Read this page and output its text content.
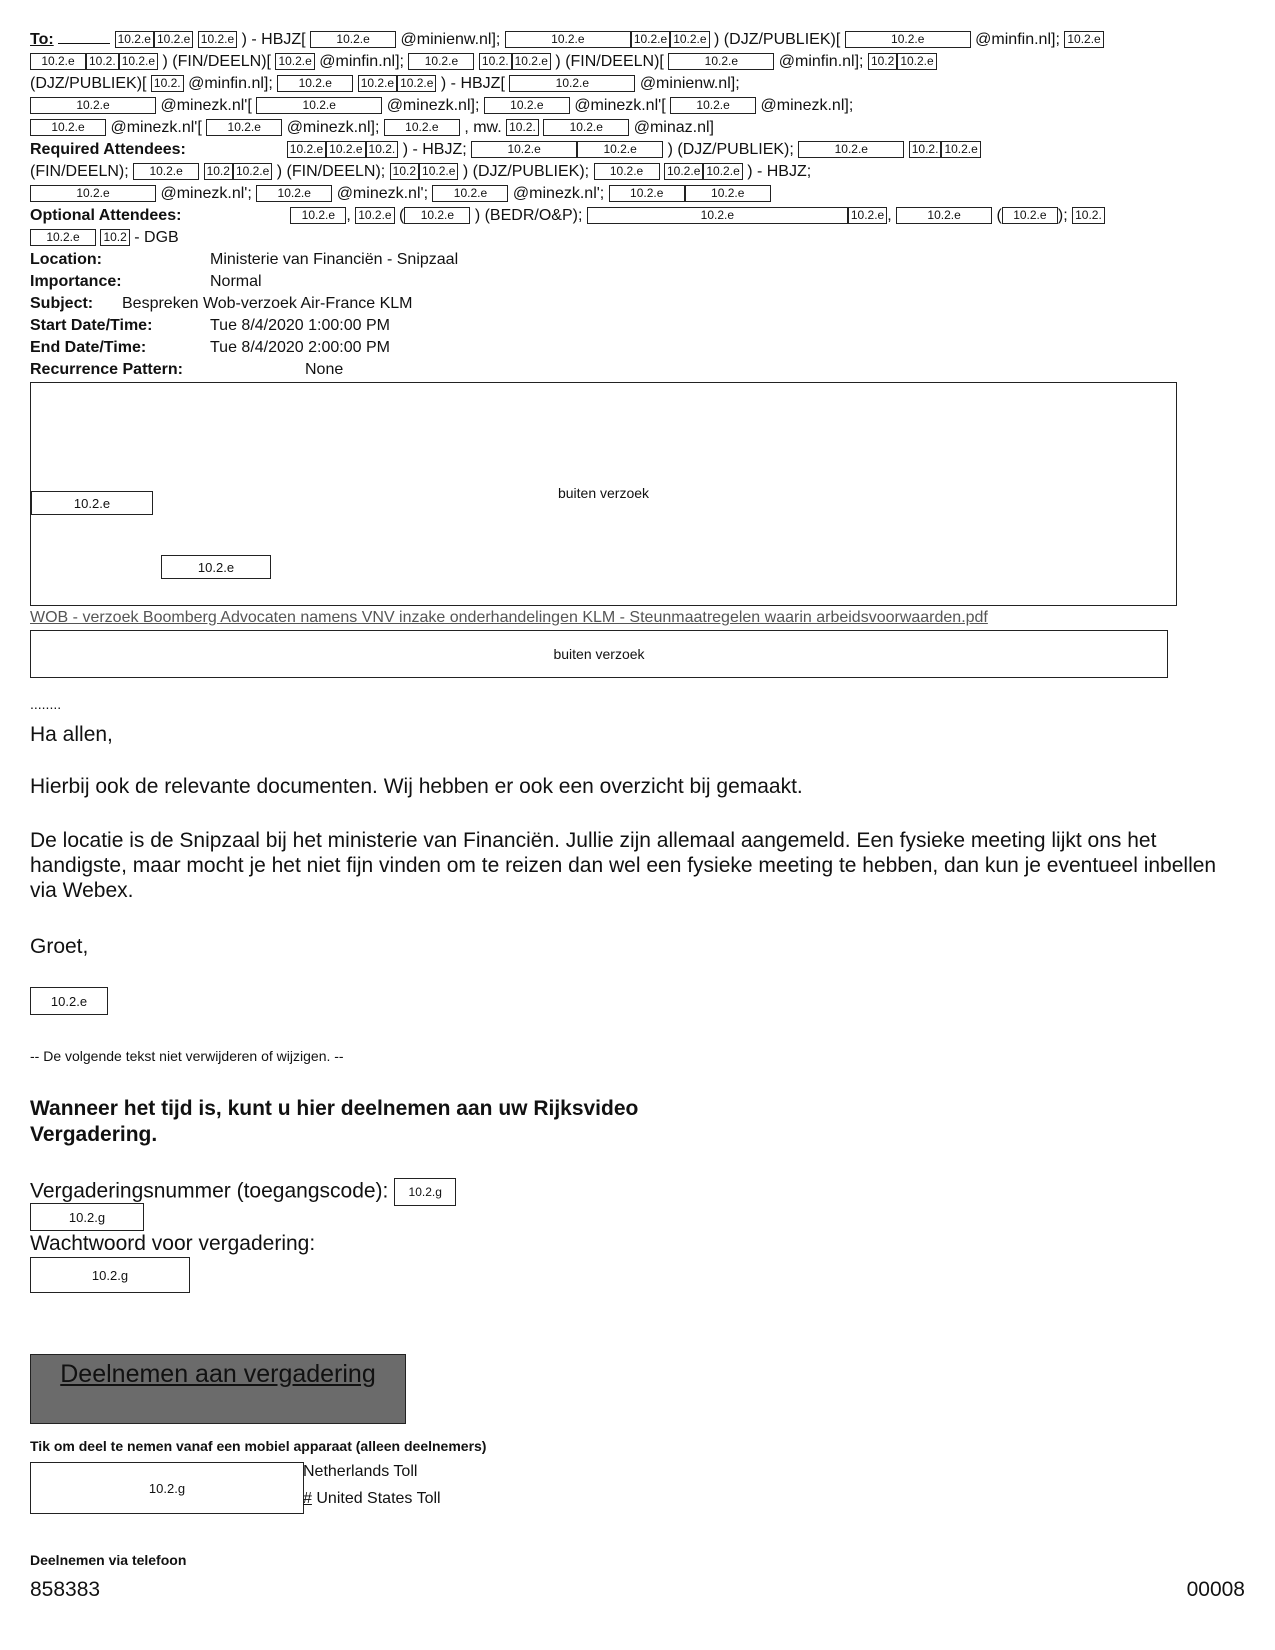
To:	10.2.e 10.2.e 10.2.e ) - HBJZ[	10.2.e @minienw.nl];	10.2.e	10.2.e 10.2.e ) (DJZ/PUBLIEK)[	10.2.e	@minfin.nl]; 10.2.e
10.2.e 10.2. 10.2.e ) (FIN/DEELN)[ 10.2.e @minfin.nl]; 10.2.e 10.2. 10.2.e ) (FIN/DEELN)[	10.2.e	@minfin.nl]; 10.2 10.2.e
(DJZ/PUBLIEK)[ 10.2. @minfin.nl]; 10.2.e 10.2.e 10.2.e ) - HBJZ[	10.2.e	@minienw.nl];
10.2.e	@minezk.nl'[	10.2.e	@minezk.nl];	10.2.e @minezk.nl'[	10.2.e @minezk.nl];
10.2.e @minezk.nl'[ 10.2.e @minezk.nl]; 10.2.e , mw. 10.2.	10.2.e @minaz.nl]
Required Attendees:	10.2.e 10.2.e 10.2. ) - HBJZ;	10.2.e	10.2.e ) (DJZ/PUBLIEK);	10.2.e	10.2. 10.2.e
(FIN/DEELN); 10.2.e 10.2 10.2.e ) (FIN/DEELN); 10.2 10.2.e ) (DJZ/PUBLIEK); 10.2.e 10.2.e 10.2.e ) - HBJZ;
10.2.e	@minezk.nl'; 10.2.e @minezk.nl'; 10.2.e @minezk.nl'; 10.2.e	10.2.e
Optional Attendees:	10.2.e , 10.2.e ( 10.2.e ) (BEDR/O&P);	10.2.e	10.2.e ,	10.2.e ( 10.2.e ); 10.2.
10.2.e 10.2 - DGB
Location:	Ministerie van Financiën - Snipzaal
Importance:	Normal
Subject: Bespreken Wob-verzoek Air-France KLM
Start Date/Time:	Tue 8/4/2020 1:00:00 PM
End Date/Time:	Tue 8/4/2020 2:00:00 PM
Recurrence Pattern:	None
buiten verzoek
10.2.e
10.2.e
WOB - verzoek Boomberg Advocaten namens VNV inzake onderhandelingen KLM - Steunmaatregelen waarin arbeidsvoorwaarden.pdf
buiten verzoek
........
Ha allen,
Hierbij ook de relevante documenten. Wij hebben er ook een overzicht bij gemaakt.
De locatie is de Snipzaal bij het ministerie van Financiën. Jullie zijn allemaal aangemeld. Een fysieke meeting lijkt ons het handigste, maar mocht je het niet fijn vinden om te reizen dan wel een fysieke meeting te hebben, dan kun je eventueel inbellen via Webex.
Groet,
10.2.e
-- De volgende tekst niet verwijderen of wijzigen. --
Wanneer het tijd is, kunt u hier deelnemen aan uw Rijksvideo Vergadering.
Vergaderingsnummer (toegangscode): 10.2.g
10.2.g
Wachtwoord voor vergadering:
10.2.g
Deelnemen aan vergadering
Tik om deel te nemen vanaf een mobiel apparaat (alleen deelnemers)
10.2.g
Netherlands Toll
# United States Toll
Deelnemen via telefoon
858383	00008
